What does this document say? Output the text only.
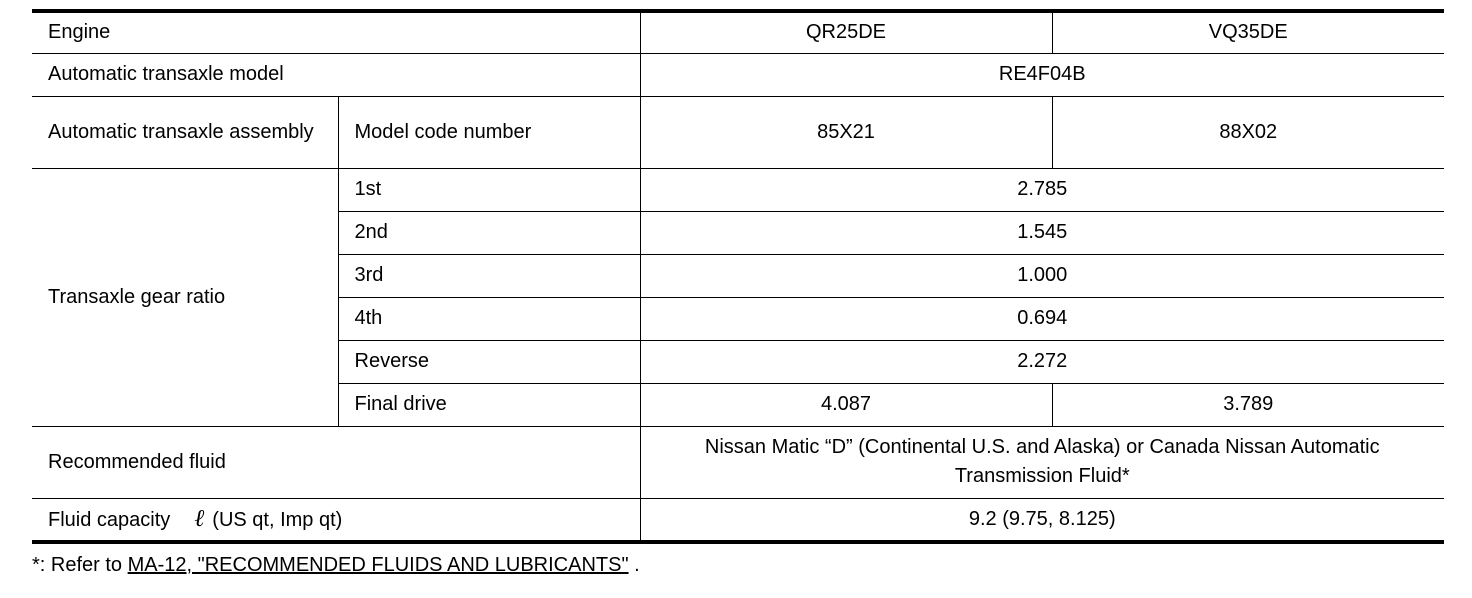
Engine		QR25DE	VQ35DE
Automatic transaxle model		RE4F04B	
Automatic transaxle assembly	Model code number	85X21	88X02
Transaxle gear ratio	1st	2.785	
	2nd	1.545	
	3rd	1.000	
	4th	0.694	
	Reverse	2.272	
	Final drive	4.087	3.789
Recommended fluid		Nissan Matic “D” (Continental U.S. and Alaska) or Canada Nissan Automatic Transmission Fluid*	
Fluid capacity ℓ (US qt, Imp qt)		9.2 (9.75, 8.125)	
*: Refer to MA-12, "RECOMMENDED FLUIDS AND LUBRICANTS" .
